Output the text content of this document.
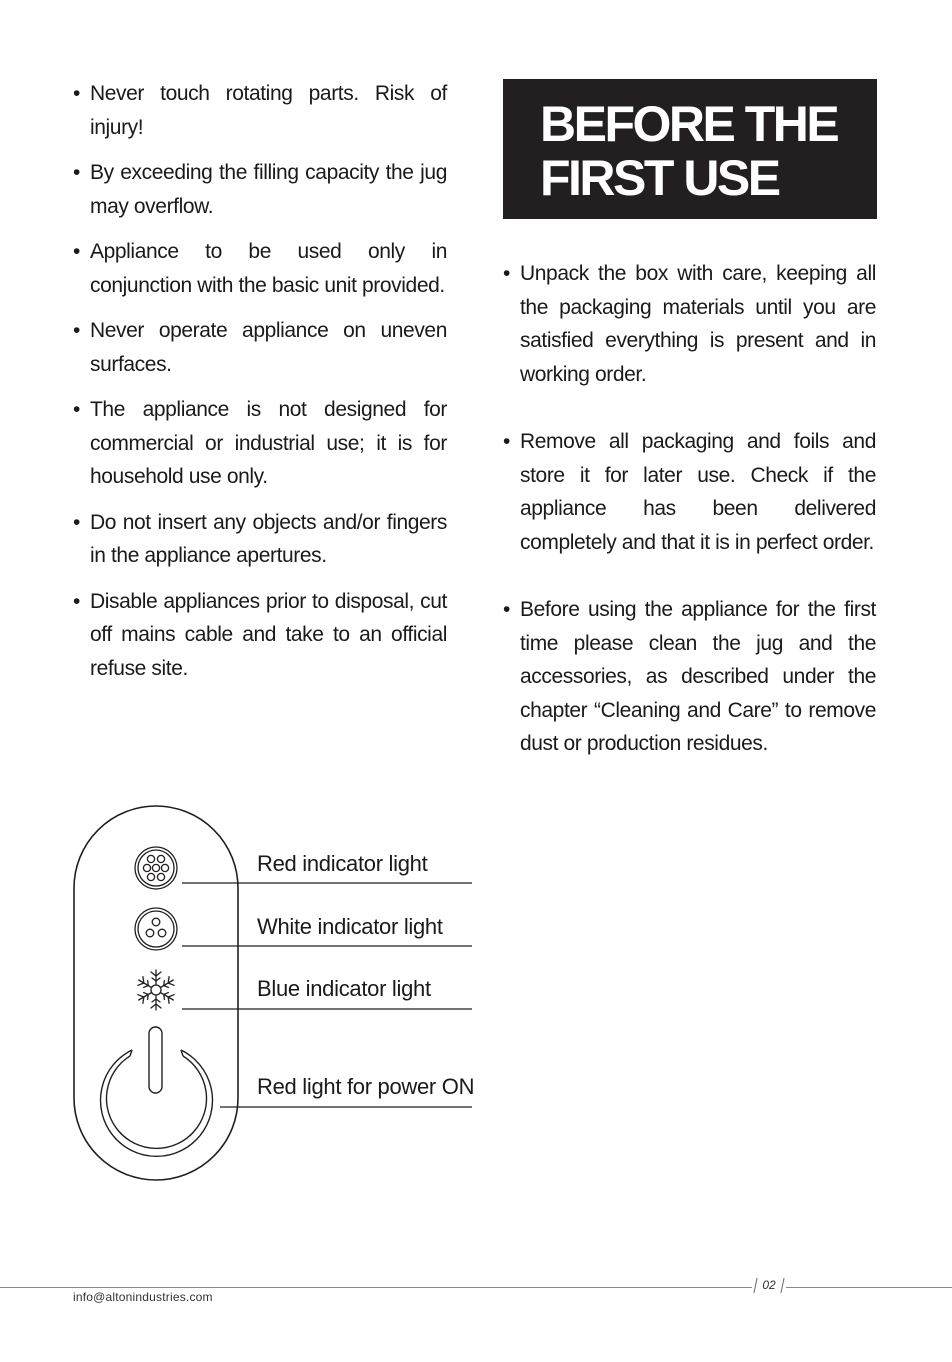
• Never touch rotating parts. Risk of injury!

• By exceeding the filling capacity the jug may overflow.

• Appliance to be used only in conjunction with the basic unit provided.

• Never operate appliance on uneven surfaces.

• The appliance is not designed for commercial or industrial use; it is for household use only.

• Do not insert any objects and/or fingers in the appliance apertures.

• Disable appliances prior to disposal, cut off mains cable and take to an official refuse site.

BEFORE THE
FIRST USE

• Unpack the box with care, keeping all the packaging materials until you are satisfied everything is present and in working order.

• Remove all packaging and foils and store it for later use. Check if the appliance has been delivered completely and that it is in perfect order.

• Before using the appliance for the first time please clean the jug and the accessories, as described under the chapter “Cleaning and Care” to remove dust or production residues.

Red indicator light
White indicator light
Blue indicator light
Red light for power ON
02
info@altonindustries.com
